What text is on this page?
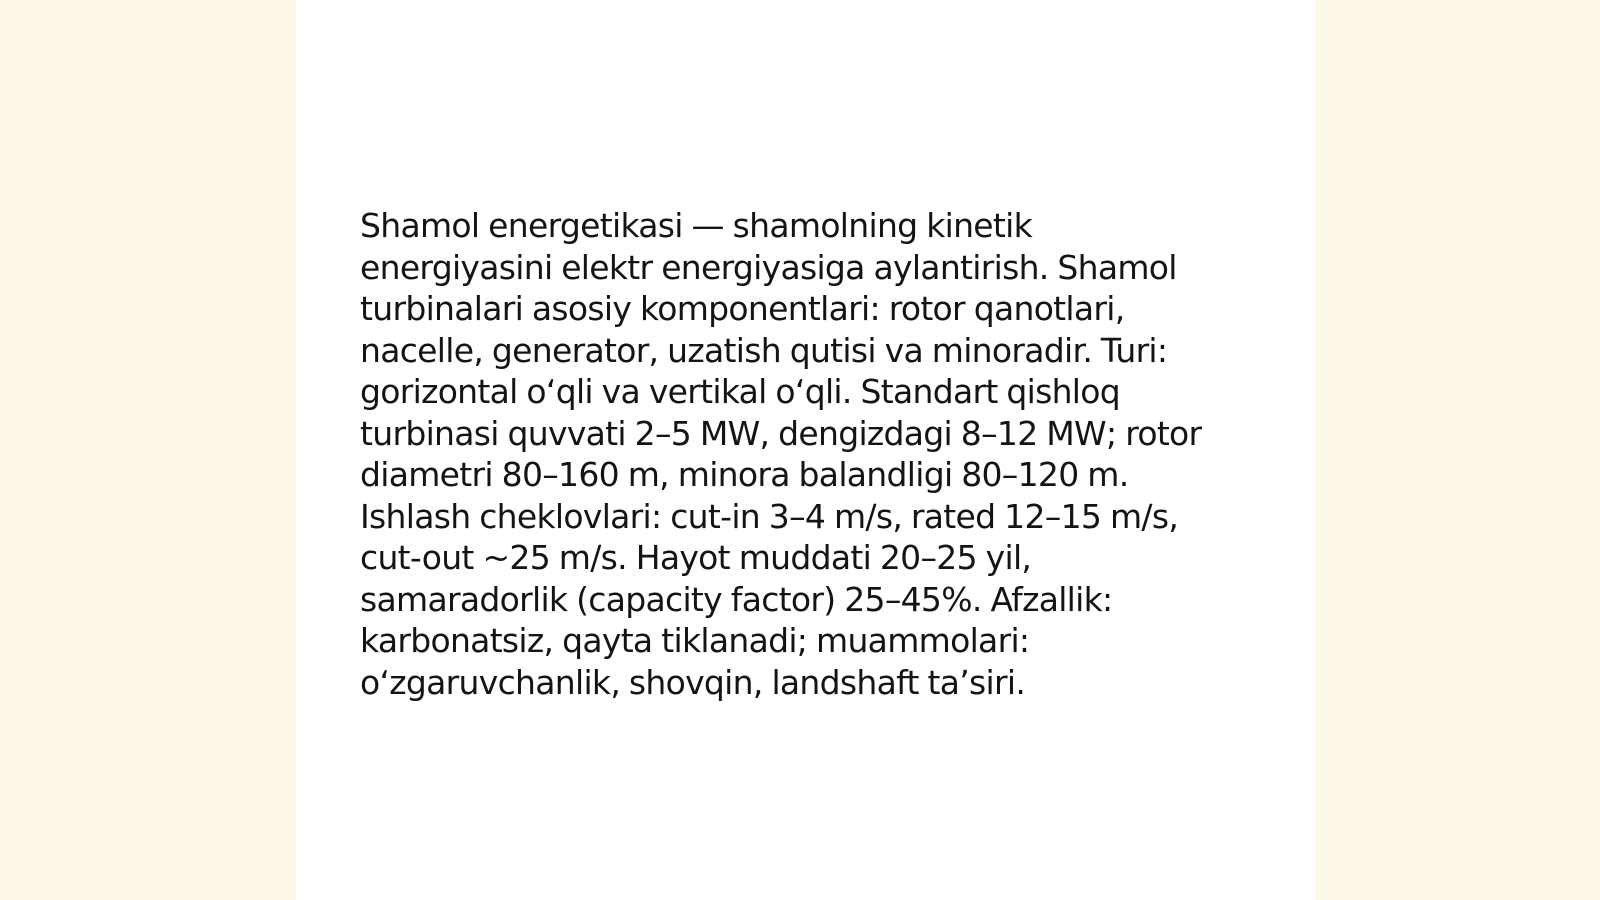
Shamol energetikasi — shamolning kinetik
energiyasini elektr energiyasiga aylantirish. Shamol
turbinalari asosiy komponentlari: rotor qanotlari,
nacelle, generator, uzatish qutisi va minoradir. Turi:
gorizontal oʻqli va vertikal oʻqli. Standart qishloq
turbinasi quvvati 2–5 MW, dengizdagi 8–12 MW; rotor
diametri 80–160 m, minora balandligi 80–120 m.
Ishlash cheklovlari: cut-in 3–4 m/s, rated 12–15 m/s,
cut-out ~25 m/s. Hayot muddati 20–25 yil,
samaradorlik (capacity factor) 25–45%. Afzallik:
karbonatsiz, qayta tiklanadi; muammolari:
oʻzgaruvchanlik, shovqin, landshaft taʼsiri.
